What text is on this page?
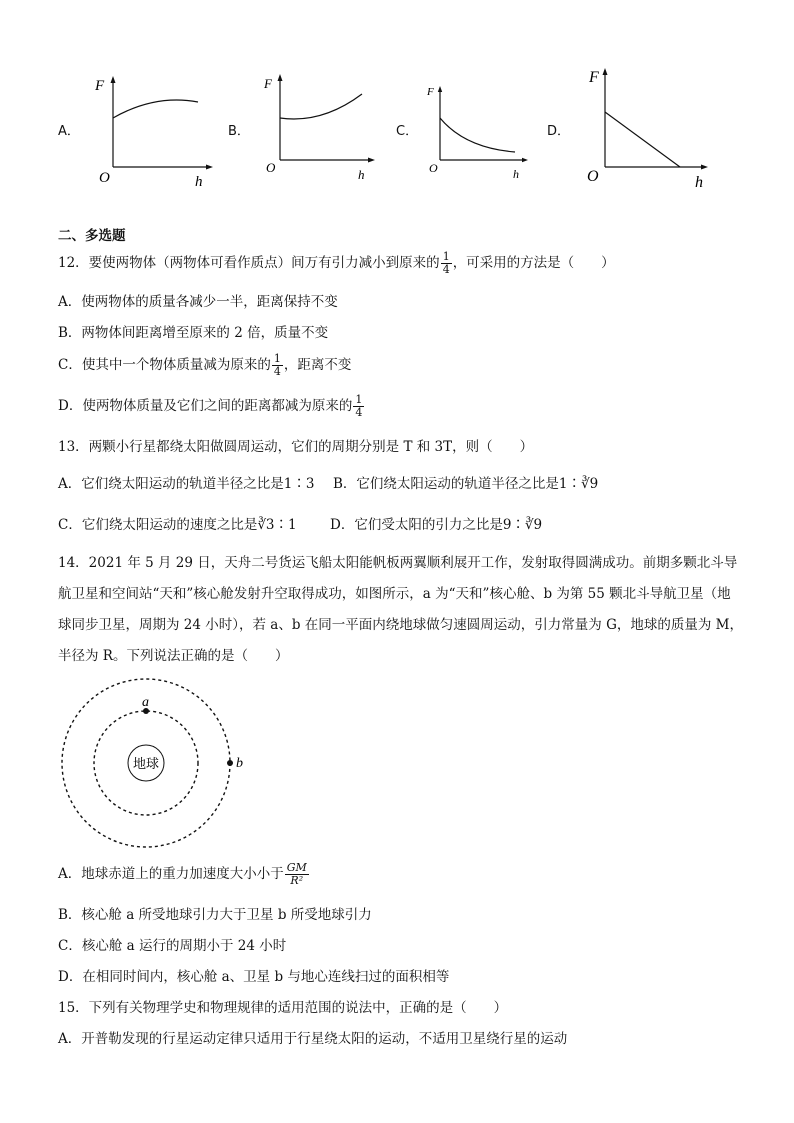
A．
F
O	h
B．
F
O	h
C．
F
O	h
D．
F
O	h
二、多选题
12．要使两物体（两物体可看作质点）间万有引力减小到原来的 $\frac{1}{4}$ ，可采用的方法是（　　）
A．使两物体的质量各减少一半，距离保持不变
B．两物体间距离增至原来的 2 倍，质量不变
C．使其中一个物体质量减为原来的 $\frac{1}{4}$ ，距离不变
D．使两物体质量及它们之间的距离都减为原来的 $\frac{1}{4}$
13．两颗小行星都绕太阳做圆周运动，它们的周期分别是 T 和 3T，则（　　）
A．它们绕太阳运动的轨道半径之比是1∶3 B．它们绕太阳运动的轨道半径之比是1∶∛9
C．它们绕太阳运动的速度之比是∛3∶1 D．它们受太阳的引力之比是9∶∛9
14．2021 年 5 月 29 日，天舟二号货运飞船太阳能帆板两翼顺利展开工作，发射取得圆满成功。前期多颗北斗导
航卫星和空间站“天和”核心舱发射升空取得成功，如图所示，a 为“天和”核心舱、b 为第 55 颗北斗导航卫星（地
球同步卫星，周期为 24 小时），若 a、b 在同一平面内绕地球做匀速圆周运动，引力常量为 G，地球的质量为 M，
半径为 R。下列说法正确的是（　　）
地球
a
b
A．地球赤道上的重力加速度大小小于 $\frac{GM}{\text{R²}}$
B．核心舱 a 所受地球引力大于卫星 b 所受地球引力
C．核心舱 a 运行的周期小于 24 小时
D．在相同时间内，核心舱 a、卫星 b 与地心连线扫过的面积相等
15．下列有关物理学史和物理规律的适用范围的说法中，正确的是（　　）
A．开普勒发现的行星运动定律只适用于行星绕太阳的运动，不适用卫星绕行星的运动
